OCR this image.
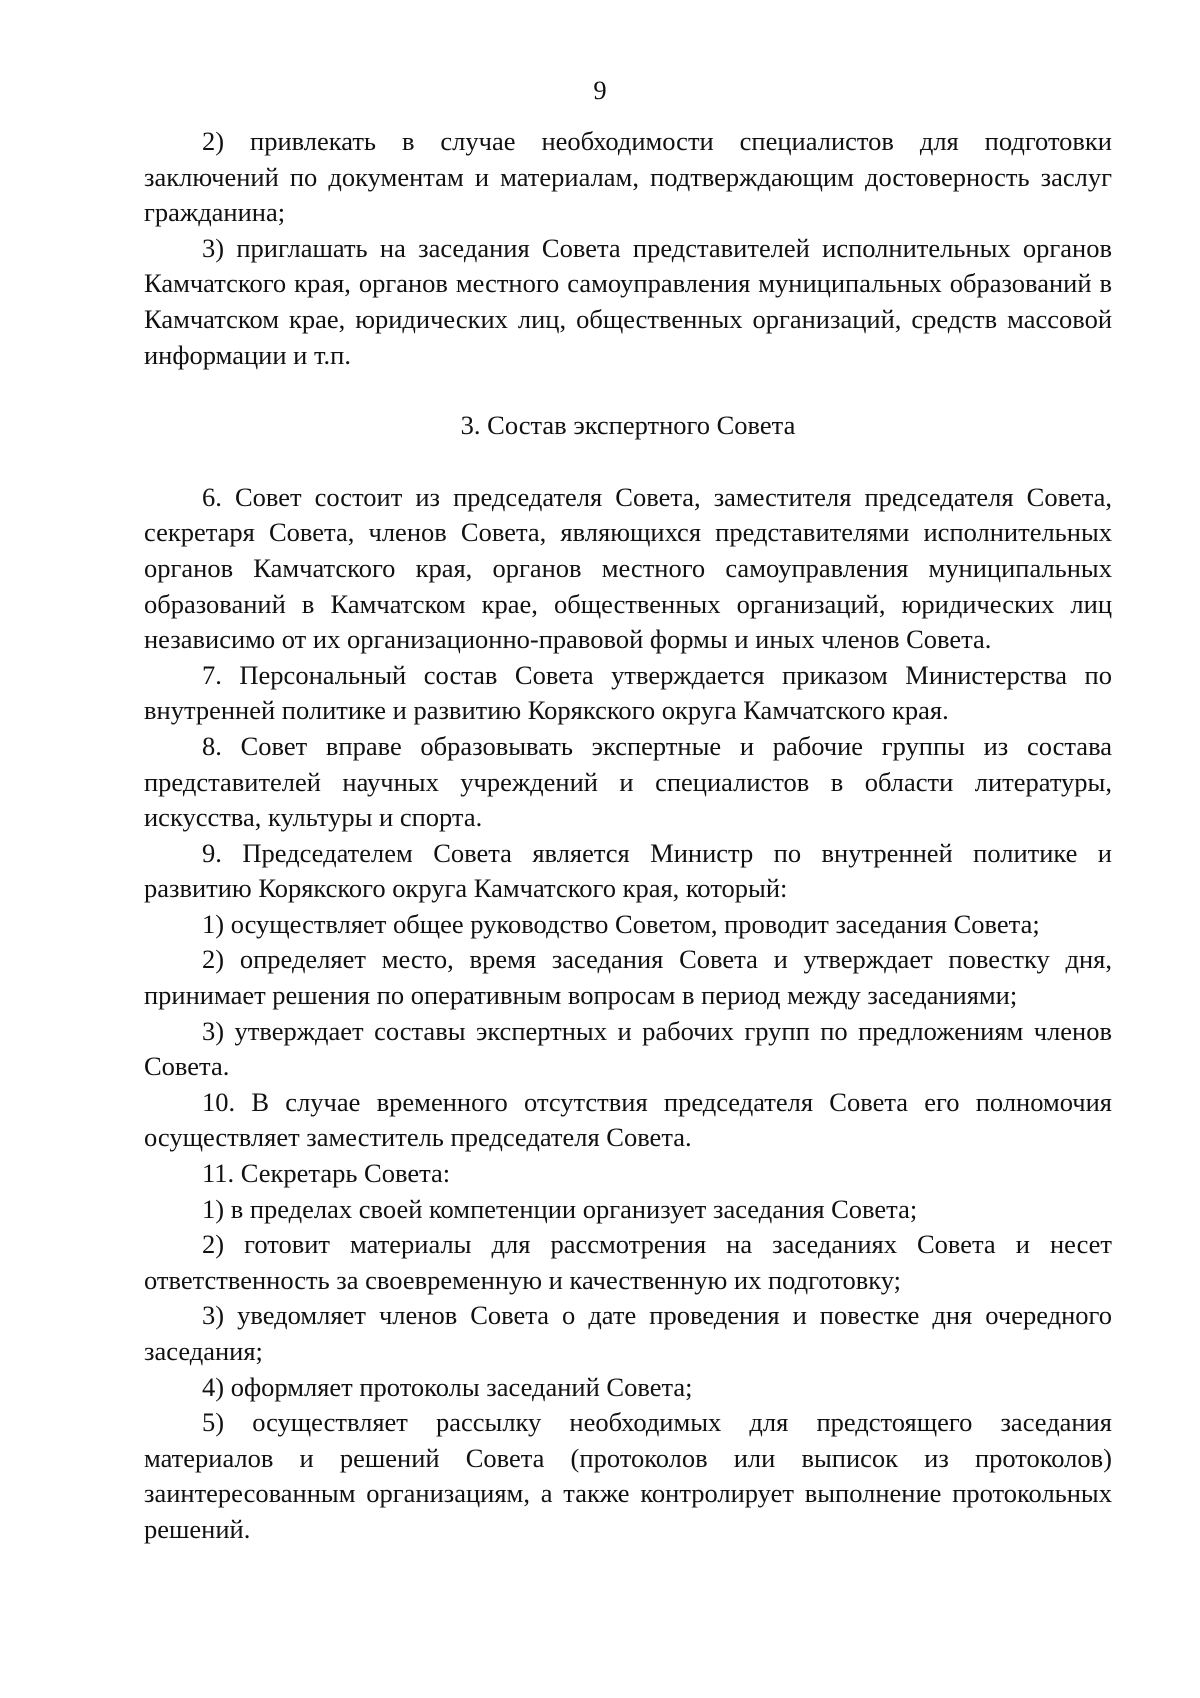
9

2) привлекать в случае необходимости специалистов для подготовки заключений по документам и материалам, подтверждающим достоверность заслуг гражданина;

3) приглашать на заседания Совета представителей исполнительных органов Камчатского края, органов местного самоуправления муниципальных образований в Камчатском крае, юридических лиц, общественных организаций, средств массовой информации и т.п.

3. Состав экспертного Совета

6. Совет состоит из председателя Совета, заместителя председателя Совета, секретаря Совета, членов Совета, являющихся представителями исполнительных органов Камчатского края, органов местного самоуправления муниципальных образований в Камчатском крае, общественных организаций, юридических лиц независимо от их организационно-правовой формы и иных членов Совета.

7. Персональный состав Совета утверждается приказом Министерства по внутренней политике и развитию Корякского округа Камчатского края.

8. Совет вправе образовывать экспертные и рабочие группы из состава представителей научных учреждений и специалистов в области литературы, искусства, культуры и спорта.

9. Председателем Совета является Министр по внутренней политике и развитию Корякского округа Камчатского края, который:

1) осуществляет общее руководство Советом, проводит заседания Совета;

2) определяет место, время заседания Совета и утверждает повестку дня, принимает решения по оперативным вопросам в период между заседаниями;

3) утверждает составы экспертных и рабочих групп по предложениям членов Совета.

10. В случае временного отсутствия председателя Совета его полномочия осуществляет заместитель председателя Совета.

11. Секретарь Совета:

1) в пределах своей компетенции организует заседания Совета;

2) готовит материалы для рассмотрения на заседаниях Совета и несет ответственность за своевременную и качественную их подготовку;

3) уведомляет членов Совета о дате проведения и повестке дня очередного заседания;

4) оформляет протоколы заседаний Совета;

5) осуществляет рассылку необходимых для предстоящего заседания материалов и решений Совета (протоколов или выписок из протоколов) заинтересованным организациям, а также контролирует выполнение протокольных решений.
